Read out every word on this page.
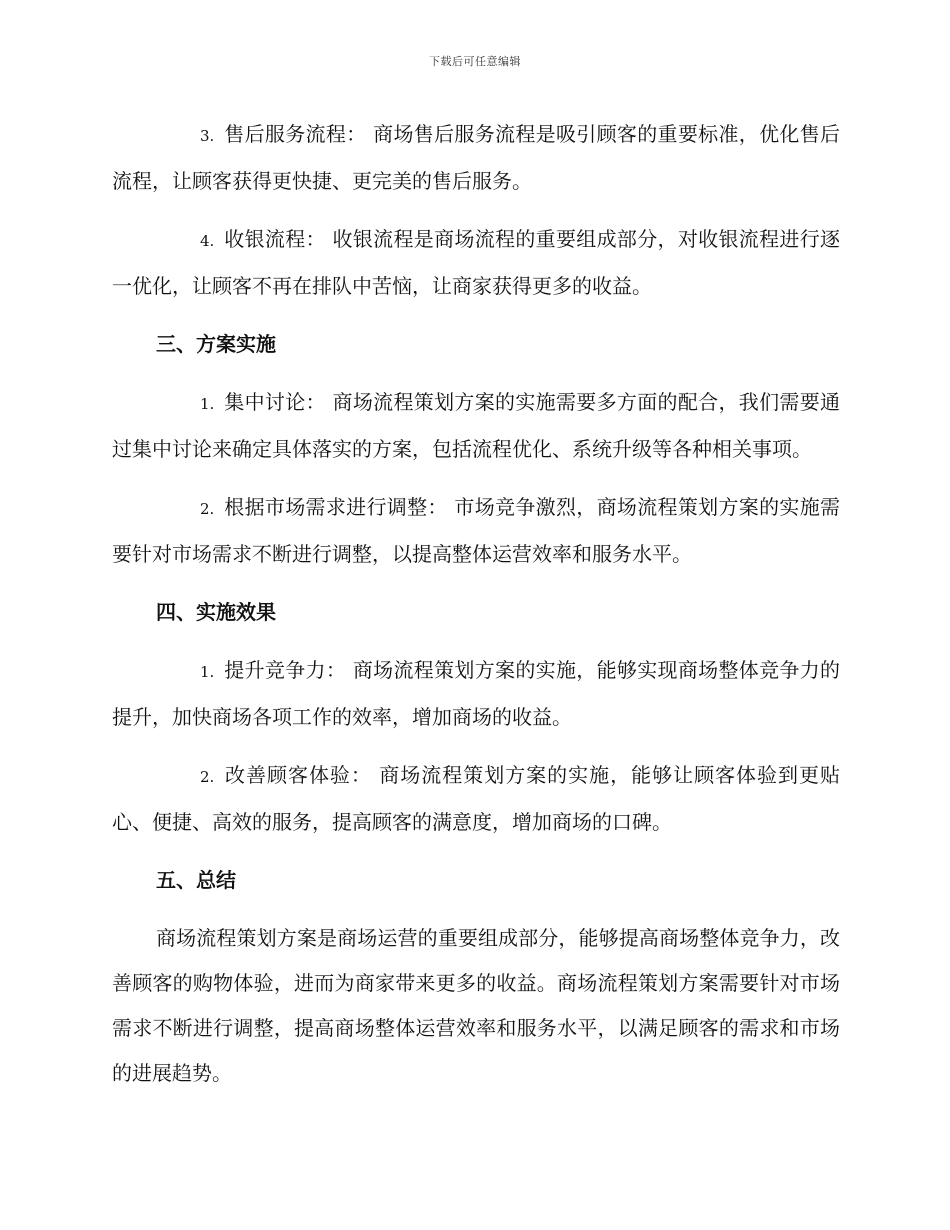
下载后可任意编辑

3. 售后服务流程： 商场售后服务流程是吸引顾客的重要标准，优化售后流程，让顾客获得更快捷、更完美的售后服务。

4. 收银流程： 收银流程是商场流程的重要组成部分，对收银流程进行逐一优化，让顾客不再在排队中苦恼，让商家获得更多的收益。

三、方案实施

1. 集中讨论： 商场流程策划方案的实施需要多方面的配合，我们需要通过集中讨论来确定具体落实的方案，包括流程优化、系统升级等各种相关事项。

2. 根据市场需求进行调整： 市场竞争激烈，商场流程策划方案的实施需要针对市场需求不断进行调整，以提高整体运营效率和服务水平。

四、实施效果

1. 提升竞争力： 商场流程策划方案的实施，能够实现商场整体竞争力的提升，加快商场各项工作的效率，增加商场的收益。

2. 改善顾客体验： 商场流程策划方案的实施，能够让顾客体验到更贴心、便捷、高效的服务，提高顾客的满意度，增加商场的口碑。

五、总结

商场流程策划方案是商场运营的重要组成部分，能够提高商场整体竞争力，改善顾客的购物体验，进而为商家带来更多的收益。商场流程策划方案需要针对市场需求不断进行调整，提高商场整体运营效率和服务水平，以满足顾客的需求和市场的进展趋势。
